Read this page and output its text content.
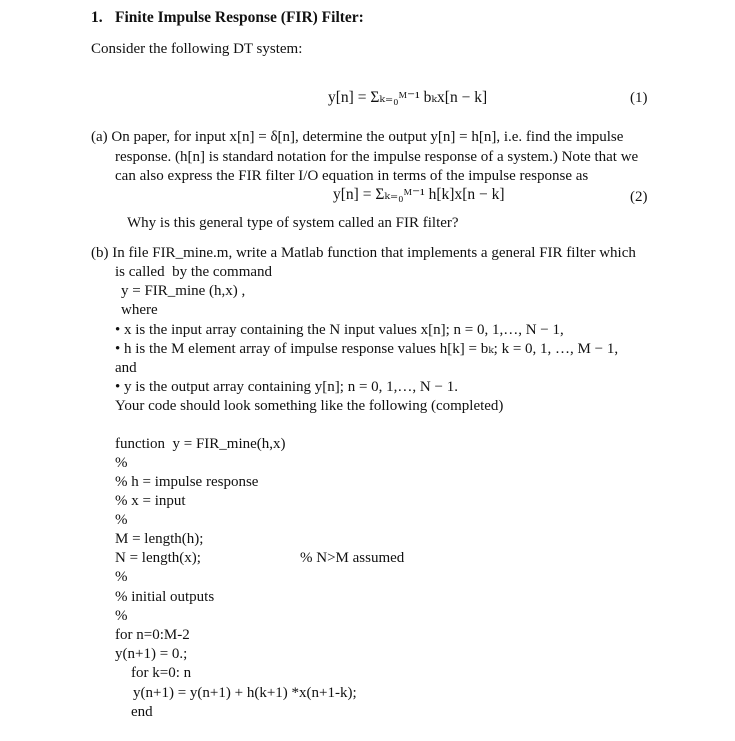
1. Finite Impulse Response (FIR) Filter:
Consider the following DT system:
y[n] = Σₖ₌₀ᴹ⁻¹ bₖx[n − k]	(1)
(a) On paper, for input x[n] = δ[n], determine the output y[n] = h[n], i.e. find the impulse
response. (h[n] is standard notation for the impulse response of a system.) Note that we
can also express the FIR filter I/O equation in terms of the impulse response as
y[n] = Σₖ₌₀ᴹ⁻¹ h[k]x[n − k]	(2)
Why is this general type of system called an FIR filter?
(b) In file FIR_mine.m, write a Matlab function that implements a general FIR filter which
is called  by the command
y = FIR_mine (h,x) ,
where
• x is the input array containing the N input values x[n]; n = 0, 1,…, N − 1,
• h is the M element array of impulse response values h[k] = bₖ; k = 0, 1, …, M − 1,
and
• y is the output array containing y[n]; n = 0, 1,…, N − 1.
Your code should look something like the following (completed)
function  y = FIR_mine(h,x)
%
% h = impulse response
% x = input
%
M = length(h);
N = length(x);	% N>M assumed
%
% initial outputs
%
for n=0:M-2
y(n+1) = 0.;
for k=0: n
y(n+1) = y(n+1) + h(k+1) *x(n+1-k);
end
